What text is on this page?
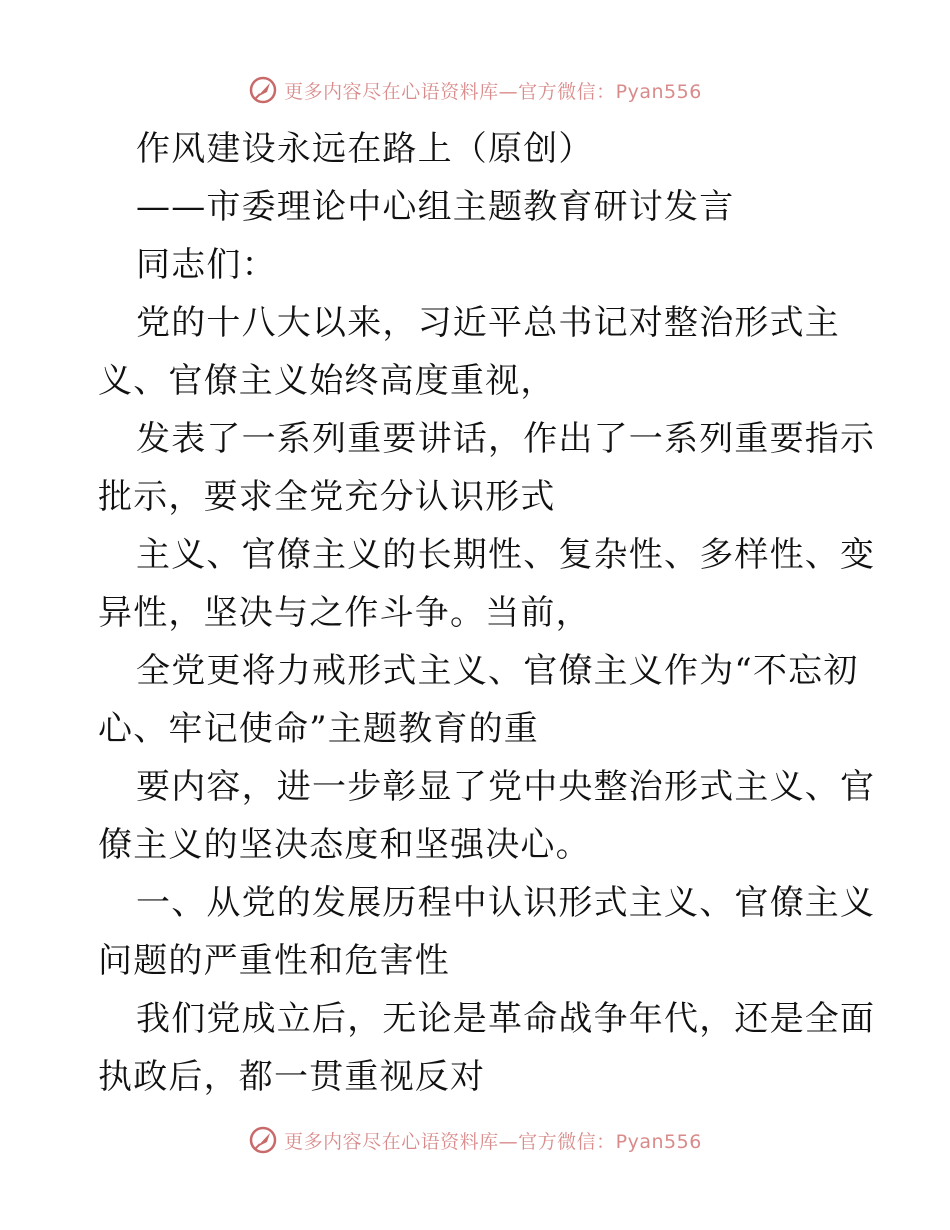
更多内容尽在心语资料库—官方微信：Pyan556

作风建设永远在路上（原创）

——市委理论中心组主题教育研讨发言

同志们：

党的十八大以来，习近平总书记对整治形式主

义、官僚主义始终高度重视，

发表了一系列重要讲话，作出了一系列重要指示

批示，要求全党充分认识形式

主义、官僚主义的长期性、复杂性、多样性、变

异性，坚决与之作斗争。当前，

全党更将力戒形式主义、官僚主义作为“不忘初

心、牢记使命”主题教育的重

要内容，进一步彰显了党中央整治形式主义、官

僚主义的坚决态度和坚强决心。

一、从党的发展历程中认识形式主义、官僚主义

问题的严重性和危害性

我们党成立后，无论是革命战争年代，还是全面

执政后，都一贯重视反对

更多内容尽在心语资料库—官方微信：Pyan556
